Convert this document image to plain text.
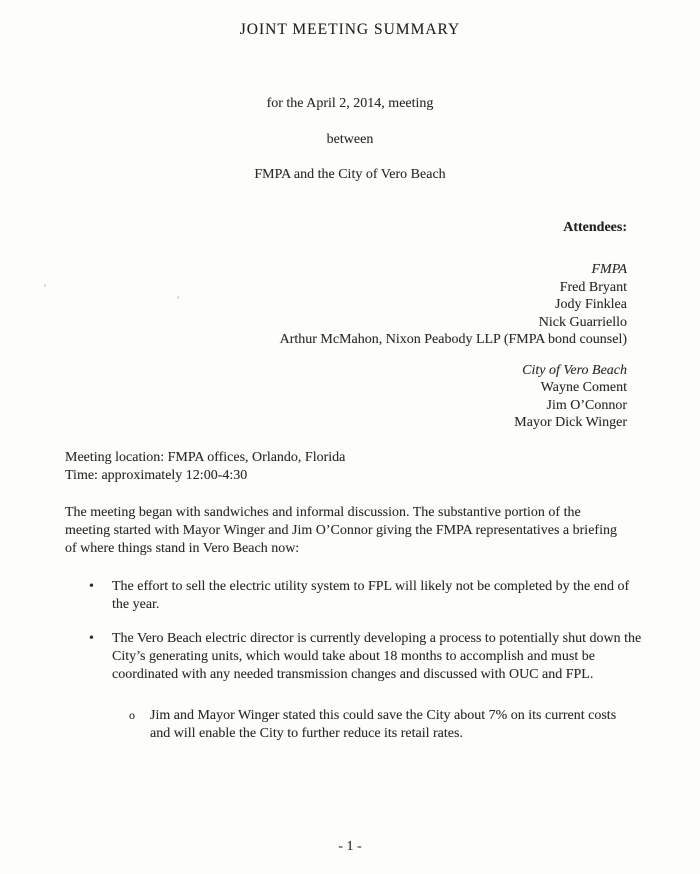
JOINT MEETING SUMMARY
for the April 2, 2014, meeting
between
FMPA and the City of Vero Beach
Attendees:
FMPA
Fred Bryant
Jody Finklea
Nick Guarriello
Arthur McMahon, Nixon Peabody LLP (FMPA bond counsel)
City of Vero Beach
Wayne Coment
Jim O’Connor
Mayor Dick Winger
Meeting location: FMPA offices, Orlando, Florida
Time: approximately 12:00-4:30
The meeting began with sandwiches and informal discussion. The substantive portion of the meeting started with Mayor Winger and Jim O’Connor giving the FMPA representatives a briefing of where things stand in Vero Beach now:
• The effort to sell the electric utility system to FPL will likely not be completed by the end of the year.
• The Vero Beach electric director is currently developing a process to potentially shut down the City’s generating units, which would take about 18 months to accomplish and must be coordinated with any needed transmission changes and discussed with OUC and FPL.
o Jim and Mayor Winger stated this could save the City about 7% on its current costs and will enable the City to further reduce its retail rates.
- 1 -
